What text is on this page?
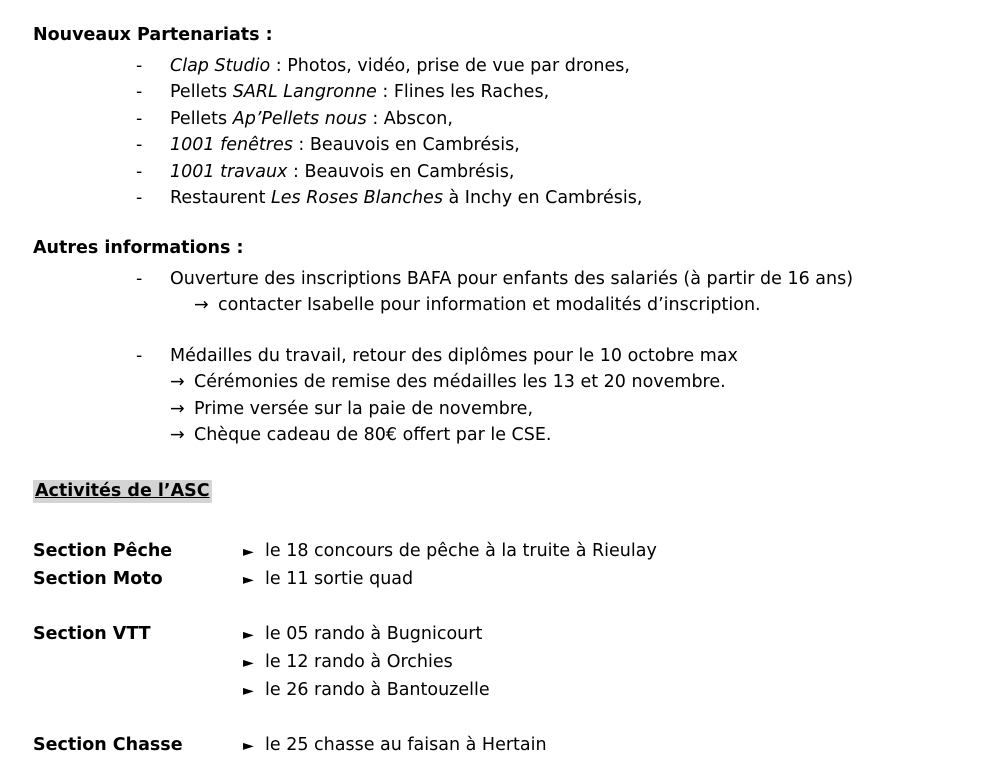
Nouveaux Partenariats :
-	Clap Studio : Photos, vidéo, prise de vue par drones,
-	Pellets SARL Langronne : Flines les Raches,
-	Pellets Ap’Pellets nous : Abscon,
-	1001 fenêtres : Beauvois en Cambrésis,
-	1001 travaux : Beauvois en Cambrésis,
-	Restaurent Les Roses Blanches à Inchy en Cambrésis,
Autres informations :
-	Ouverture des inscriptions BAFA pour enfants des salariés (à partir de 16 ans)
→ contacter Isabelle pour information et modalités d’inscription.
-	Médailles du travail, retour des diplômes pour le 10 octobre max
→ Cérémonies de remise des médailles les 13 et 20 novembre.
→ Prime versée sur la paie de novembre,
→ Chèque cadeau de 80€ offert par le CSE.
Activités de l’ASC
Section Pêche	► le 18 concours de pêche à la truite à Rieulay
Section Moto	► le 11 sortie quad
Section VTT	► le 05 rando à Bugnicourt
► le 12 rando à Orchies
► le 26 rando à Bantouzelle
Section Chasse	► le 25 chasse au faisan à Hertain
